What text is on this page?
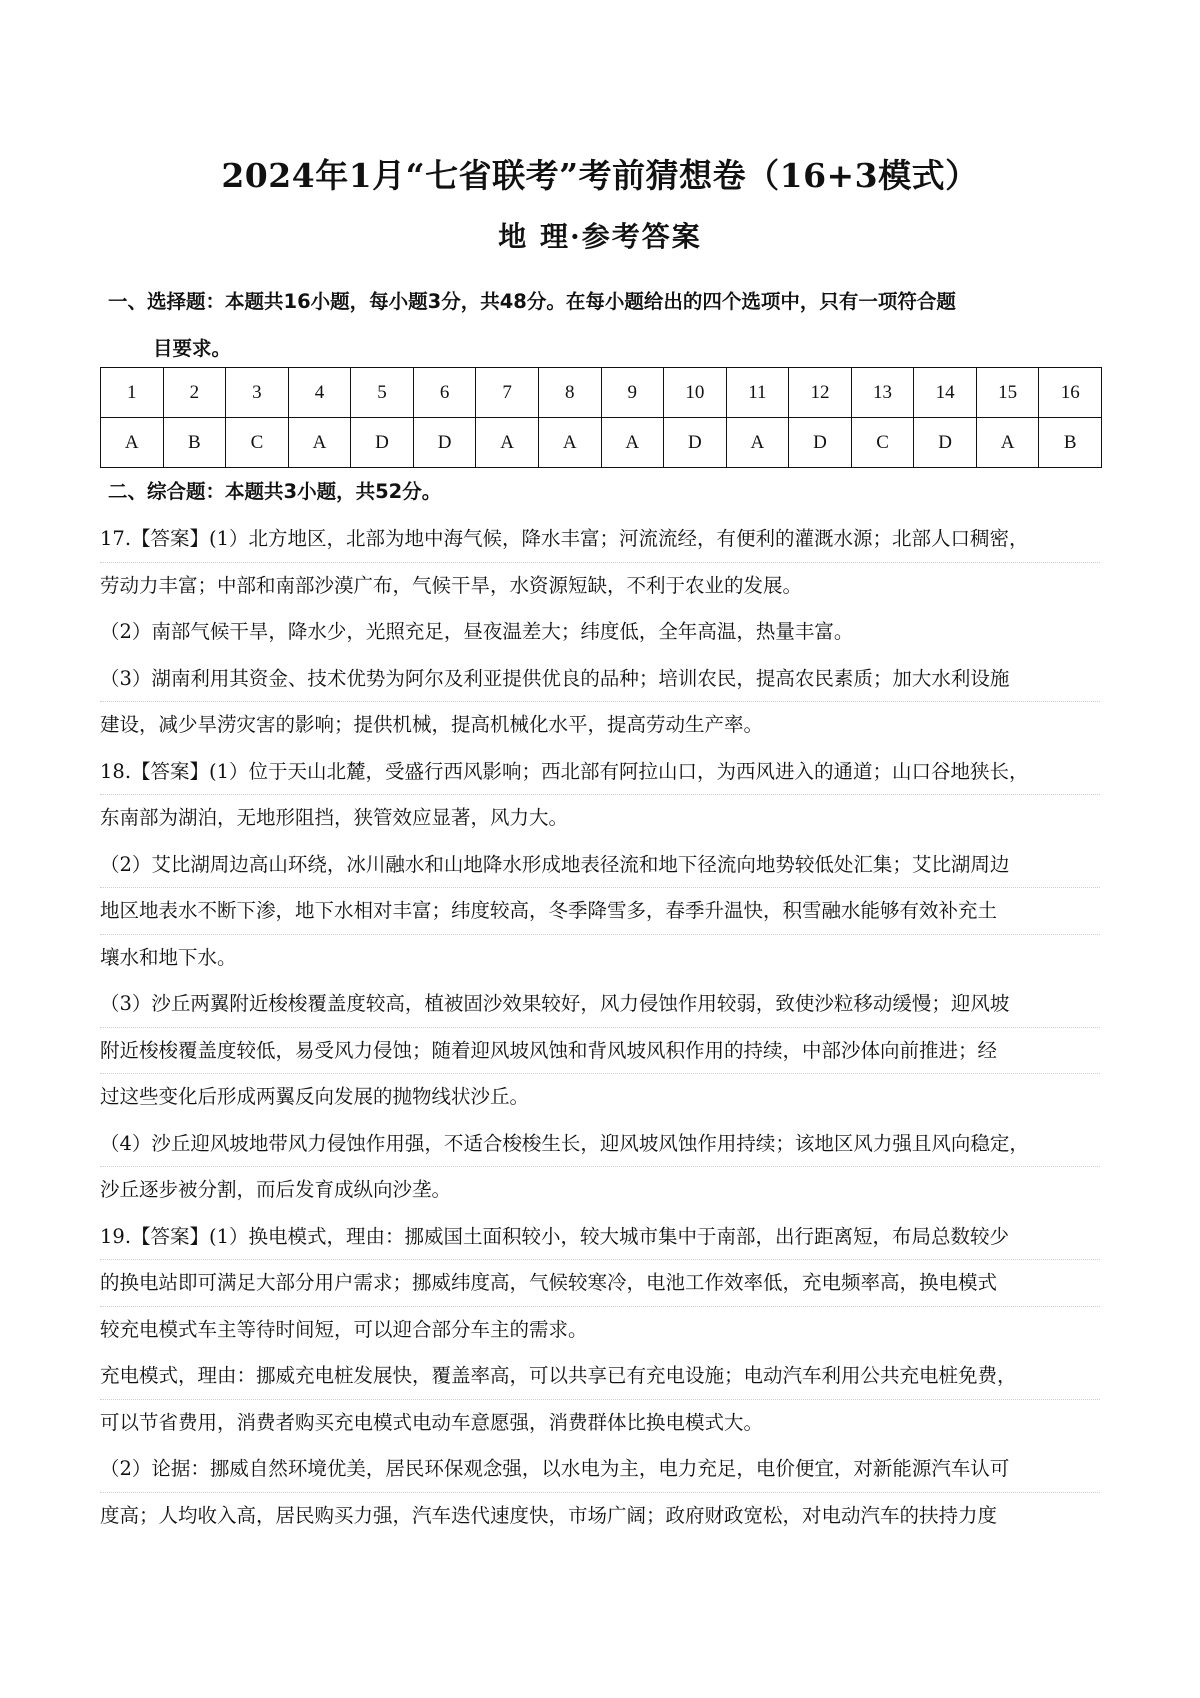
2024年1月“七省联考”考前猜想卷（16+3模式）
地 理·参考答案
一、选择题：本题共16小题，每小题3分，共48分。在每小题给出的四个选项中，只有一项符合题
目要求。
1	2	3	4	5	6	7	8	9	10	11	12	13	14	15	16
A	B	C	A	D	D	A	A	A	D	A	D	C	D	A	B
二、综合题：本题共3小题，共52分。
17.【答案】(1）北方地区，北部为地中海气候，降水丰富；河流流经，有便利的灌溉水源；北部人口稠密，
劳动力丰富；中部和南部沙漠广布，气候干旱，水资源短缺，不利于农业的发展。
（2）南部气候干旱，降水少，光照充足，昼夜温差大；纬度低，全年高温，热量丰富。
（3）湖南利用其资金、技术优势为阿尔及利亚提供优良的品种；培训农民，提高农民素质；加大水利设施
建设，减少旱涝灾害的影响；提供机械，提高机械化水平，提高劳动生产率。
18.【答案】(1）位于天山北麓，受盛行西风影响；西北部有阿拉山口，为西风进入的通道；山口谷地狭长，
东南部为湖泊，无地形阻挡，狭管效应显著，风力大。
（2）艾比湖周边高山环绕，冰川融水和山地降水形成地表径流和地下径流向地势较低处汇集；艾比湖周边
地区地表水不断下渗，地下水相对丰富；纬度较高，冬季降雪多，春季升温快，积雪融水能够有效补充土
壤水和地下水。
（3）沙丘两翼附近梭梭覆盖度较高，植被固沙效果较好，风力侵蚀作用较弱，致使沙粒移动缓慢；迎风坡
附近梭梭覆盖度较低，易受风力侵蚀；随着迎风坡风蚀和背风坡风积作用的持续，中部沙体向前推进；经
过这些变化后形成两翼反向发展的抛物线状沙丘。
（4）沙丘迎风坡地带风力侵蚀作用强，不适合梭梭生长，迎风坡风蚀作用持续；该地区风力强且风向稳定，
沙丘逐步被分割，而后发育成纵向沙垄。
19.【答案】(1）换电模式，理由：挪威国土面积较小，较大城市集中于南部，出行距离短，布局总数较少
的换电站即可满足大部分用户需求；挪威纬度高，气候较寒冷，电池工作效率低，充电频率高，换电模式
较充电模式车主等待时间短，可以迎合部分车主的需求。
充电模式，理由：挪威充电桩发展快，覆盖率高，可以共享已有充电设施；电动汽车利用公共充电桩免费，
可以节省费用，消费者购买充电模式电动车意愿强，消费群体比换电模式大。
（2）论据：挪威自然环境优美，居民环保观念强，以水电为主，电力充足，电价便宜，对新能源汽车认可
度高；人均收入高，居民购买力强，汽车迭代速度快，市场广阔；政府财政宽松，对电动汽车的扶持力度
